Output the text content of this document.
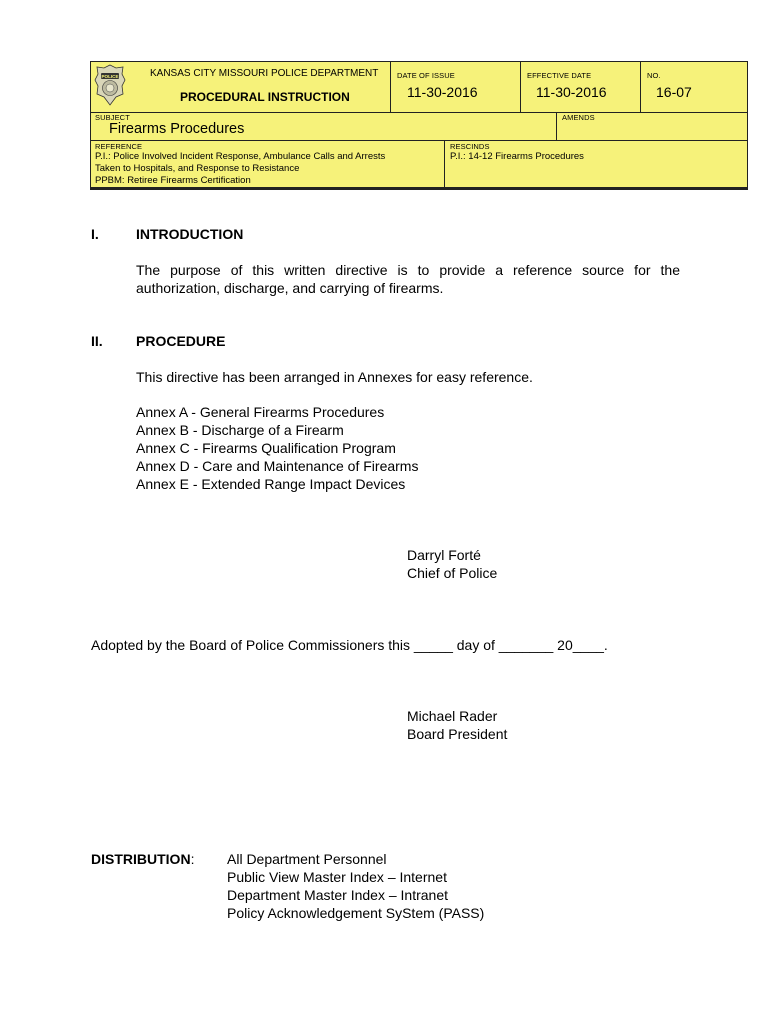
POLICE	KANSAS CITY MISSOURI POLICE DEPARTMENT
PROCEDURAL INSTRUCTION
DATE OF ISSUE
11-30-2016
EFFECTIVE DATE
11-30-2016
NO.
16-07
SUBJECT
Firearms Procedures
AMENDS
REFERENCE
P.I.: Police Involved Incident Response, Ambulance Calls and Arrests
Taken to Hospitals, and Response to Resistance
PPBM: Retiree Firearms Certification
RESCINDS
P.I.: 14-12 Firearms Procedures
I.	INTRODUCTION
The purpose of this written directive is to provide a reference source for the authorization, discharge, and carrying of firearms.
II. PROCEDURE
This directive has been arranged in Annexes for easy reference.
Annex A - General Firearms Procedures
Annex B - Discharge of a Firearm
Annex C - Firearms Qualification Program
Annex D - Care and Maintenance of Firearms
Annex E - Extended Range Impact Devices
Darryl Forté
Chief of Police
Adopted by the Board of Police Commissioners this _____ day of _______ 20____.
Michael Rader
Board President
DISTRIBUTION: All Department Personnel
Public View Master Index – Internet
Department Master Index – Intranet
Policy Acknowledgement SyStem (PASS)
